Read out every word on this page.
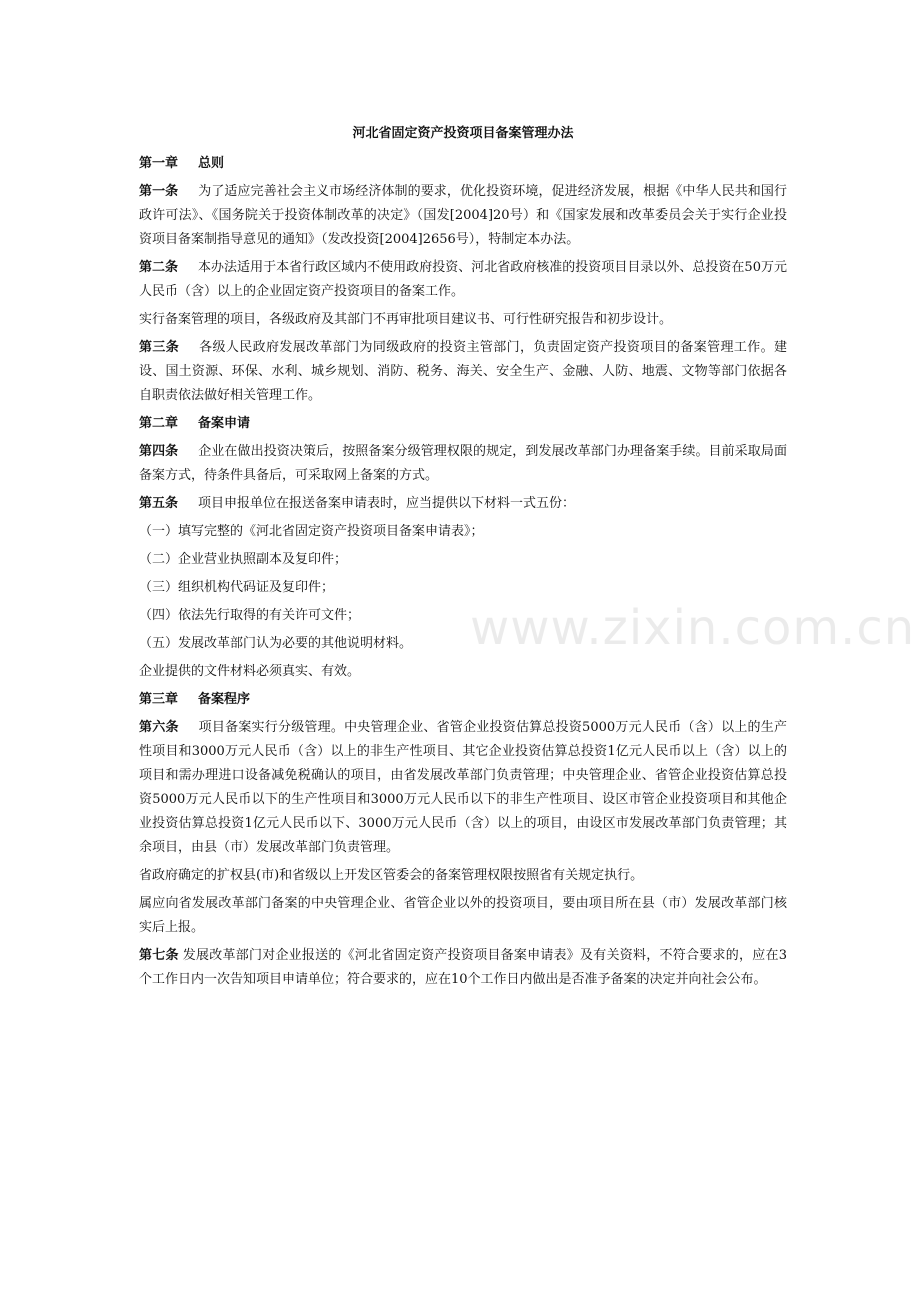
河北省固定资产投资项目备案管理办法
第一章 总则
第一条 为了适应完善社会主义市场经济体制的要求，优化投资环境，促进经济发展，根据《中华人民共和国行政许可法》、《国务院关于投资体制改革的决定》（国发[2004]20号）和《国家发展和改革委员会关于实行企业投资项目备案制指导意见的通知》（发改投资[2004]2656号），特制定本办法。
第二条 本办法适用于本省行政区域内不使用政府投资、河北省政府核准的投资项目目录以外、总投资在50万元人民币（含）以上的企业固定资产投资项目的备案工作。
实行备案管理的项目，各级政府及其部门不再审批项目建议书、可行性研究报告和初步设计。
第三条 各级人民政府发展改革部门为同级政府的投资主管部门，负责固定资产投资项目的备案管理工作。建设、国土资源、环保、水利、城乡规划、消防、税务、海关、安全生产、金融、人防、地震、文物等部门依据各自职责依法做好相关管理工作。
第二章 备案申请
第四条 企业在做出投资决策后，按照备案分级管理权限的规定，到发展改革部门办理备案手续。目前采取局面备案方式，待条件具备后，可采取网上备案的方式。
第五条 项目申报单位在报送备案申请表时，应当提供以下材料一式五份：
（一）填写完整的《河北省固定资产投资项目备案申请表》；
（二）企业营业执照副本及复印件；
（三）组织机构代码证及复印件；
（四）依法先行取得的有关许可文件；
（五）发展改革部门认为必要的其他说明材料。
企业提供的文件材料必须真实、有效。
第三章 备案程序
第六条 项目备案实行分级管理。中央管理企业、省管企业投资估算总投资5000万元人民币（含）以上的生产性项目和3000万元人民币（含）以上的非生产性项目、其它企业投资估算总投资1亿元人民币以上（含）以上的项目和需办理进口设备减免税确认的项目，由省发展改革部门负责管理；中央管理企业、省管企业投资估算总投资5000万元人民币以下的生产性项目和3000万元人民币以下的非生产性项目、设区市管企业投资项目和其他企业投资估算总投资1亿元人民币以下、3000万元人民币（含）以上的项目，由设区市发展改革部门负责管理；其余项目，由县（市）发展改革部门负责管理。
省政府确定的扩权县(市)和省级以上开发区管委会的备案管理权限按照省有关规定执行。
属应向省发展改革部门备案的中央管理企业、省管企业以外的投资项目，要由项目所在县（市）发展改革部门核实后上报。
第七条 发展改革部门对企业报送的《河北省固定资产投资项目备案申请表》及有关资料，不符合要求的，应在3个工作日内一次告知项目申请单位；符合要求的，应在10个工作日内做出是否准予备案的决定并向社会公布。
www.zixin.com.cn
